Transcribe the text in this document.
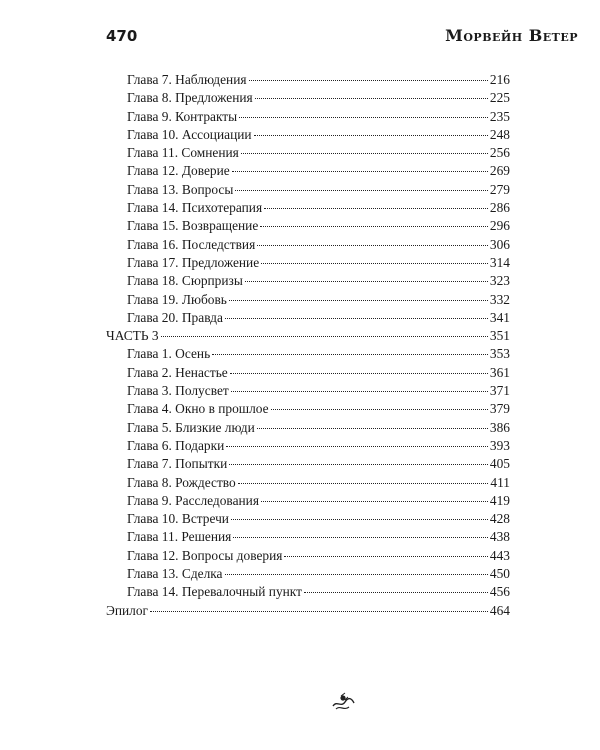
470	Морвейн Ветер
Глава 7. Наблюдения	216
Глава 8. Предложения	225
Глава 9. Контракты	235
Глава 10. Ассоциации	248
Глава 11. Сомнения	256
Глава 12. Доверие	269
Глава 13. Вопросы	279
Глава 14. Психотерапия	286
Глава 15. Возвращение	296
Глава 16. Последствия	306
Глава 17. Предложение	314
Глава 18. Сюрпризы	323
Глава 19. Любовь	332
Глава 20. Правда	341
ЧАСТЬ 3	351
Глава 1. Осень	353
Глава 2. Ненастье	361
Глава 3. Полусвет	371
Глава 4. Окно в прошлое	379
Глава 5. Близкие люди	386
Глава 6. Подарки	393
Глава 7. Попытки	405
Глава 8. Рождество	411
Глава 9. Расследования	419
Глава 10. Встречи	428
Глава 11. Решения	438
Глава 12. Вопросы доверия	443
Глава 13. Сделка	450
Глава 14. Перевалочный пункт	456
Эпилог	464
